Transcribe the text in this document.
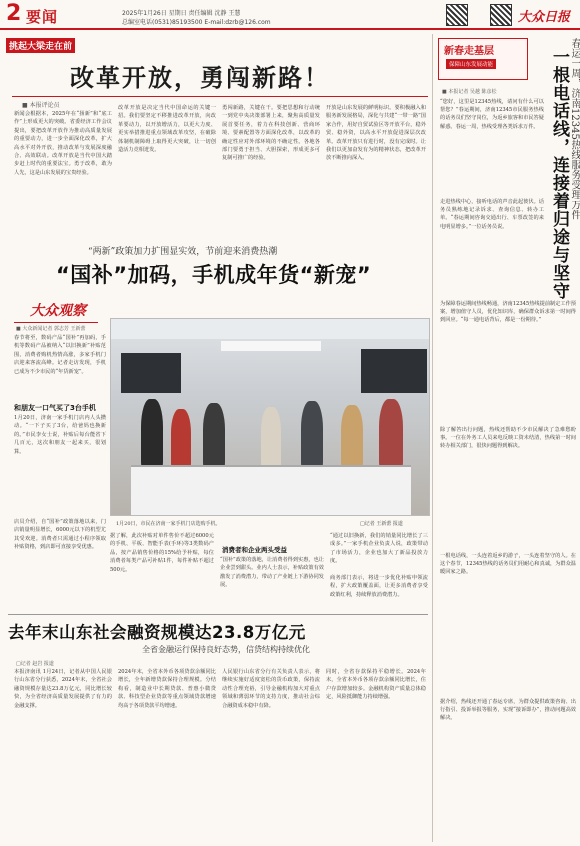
2 要闻	2025年1月26日 星期日 责任编辑 沈静 王慧
总编室电话(0531)85193500 E-mail:dzrb@126.com	大众日报
挑起大梁走在前
改革开放，勇闯新路！
■ 本报评论员
新闻会根据本，2025年在“扬新”和“底工作”上形成更大的突破。省委经济工作会议提出，要把改革开放作为推动高质量发展的重要动力，进一步全面深化改革，扩大高水平对外开放，推动改革与发展深度融合、高效联动。改革开放是当代中国大踏步赶上时代的重要法宝。勇于改革，敢为人先，这是山东发展的宝贵经验。
改革开放是决定当代中国命运的关键一招。我们要坚定不移推进改革开放，向改革要动力，以开放增活力，以更大力度、更实举措推进重点领域改革攻坚，在破除体制机制障碍上取得更大突破，让一切创造活力竞相迸发。
勇闯新路，关键在干。要把思想和行动统一到党中央决策部署上来，聚焦高质量发展首要任务，着力在科技创新、营商环境、要素配置等方面深化改革，以改革的确定性应对外部环境的不确定性。各地各部门要勇于担当、大胆探索，形成更多可复制可推广的经验。
开放是山东发展的鲜明标识。要积极融入和服务新发展格局，深化与共建“一带一路”国家合作，用好自贸试验区等开放平台，稳外贸、稳外资，以高水平开放促进深层次改革。改革开放只有进行时，没有完成时。让我们以更加奋发有为的精神状态，把改革开放不断推向深入。
“两新”政策加力扩围显实效，节前迎来消费热潮
“国补”加码，手机成年货“新宠”
大众观察
■ 大众新闻记者 郭志芳 王新蕾
春节将至，数码产品“国补”再加码，手机等数码产品被纳入“以旧换新”补贴范围，消费者购机热情高涨，多家手机门店迎来客流高峰。记者走访发现，手机已成为不少市民的“年货新宠”。
和朋友一口气买了3台手机
1月20日，济南一家手机门店内人头攒动。“一下子买了3台，给爸妈也换新的。”市民李女士说，补贴后每台能省下几百元，这次和朋友一起来买，很划算。
店员介绍，自“国补”政策落地以来，门店销量明显增长，6000元以下的机型尤其受欢迎。消费者只需通过小程序领取补贴资格，到店即可直接享受优惠。
1月20日，市民在济南一家手机门店选购手机。	□记者 王新蕾 报道
据了解，此次补贴对单件售价不超过6000元的手机、平板、智能手表(手环)等3类数码产品，按产品销售价格的15%给予补贴，每位消费者每类产品可补贴1件，每件补贴不超过500元。
消费者和企业两头受益
“国补”政策的落地，让消费者得到实惠，也让企业尝到甜头。业内人士表示，补贴政策有效激发了消费潜力，带动了产业链上下游协同发展。
“通过以旧换新，我们的销量同比增长了三成多。”一家手机企业负责人说，政策带动了市场活力，企业也加大了新品投放力度。
商务部门表示，将进一步优化补贴申领流程，扩大政策覆盖面，让更多消费者享受政策红利，持续释放消费潜力。
去年末山东社会融资规模达23.8万亿元
全省金融运行保持良好态势，信贷结构持续优化
□记者 赵岩 报道
本报济南讯 1月24日，记者从中国人民银行山东省分行获悉，2024年末，全省社会融资规模存量达23.8万亿元，同比增长较快，为全省经济高质量发展提供了有力的金融支撑。
2024年末，全省本外币各项贷款余额同比增长，全年新增贷款保持合理规模。分结构看，制造业中长期贷款、普惠小微贷款、科技型企业贷款等重点领域贷款增速均高于各项贷款平均增速。
人民银行山东省分行有关负责人表示，将继续实施好适度宽松的货币政策，保持流动性合理充裕，引导金融机构加大对重点领域和薄弱环节的支持力度，推动社会综合融资成本稳中有降。
同时，全省存款保持平稳增长。2024年末，全省本外币各项存款余额同比增长，住户存款增加较多。金融机构资产质量总体稳定，风险抵御能力持续增强。
新春走基层
保障山东发展动能
■ 本报记者 吴越 陈彦松	春运一周，济南12345热线服务受理万件
一根电话线，连接着归途与坚守
“您好，这里是12345热线，请问有什么可以帮您？”春运期间，济南12345市民服务热线的话务员们坚守岗位，为返乡旅客和市民答疑解惑。春运一周，热线受理各类诉求万件。
走进热线中心，接听电话的声音此起彼伏。话务员熟练地记录诉求、查询信息、转办工单。“春运期间咨询交通出行、车票改签的来电明显增多。”一位话务员说。
为保障春运期间热线畅通，济南12345热线提前制定工作预案，增加值守人员，优化知识库，确保群众诉求第一时间得到回应。“每一通电话背后，都是一份期待。”
除了解答出行问题，热线还帮助不少市民解决了急难愁盼事。一位在外务工人员来电反映工资未结清，热线第一时间转办相关部门，很快问题得到解决。
一根电话线，一头连着返乡的游子，一头连着坚守的人。在这个春节，12345热线的话务员们用耐心和真诚，为群众温暖回家之路。
据介绍，热线还开通了春运专席，为群众提供政策咨询、出行指引、投诉举报等服务，实现“接诉即办”，推动问题高效解决。
